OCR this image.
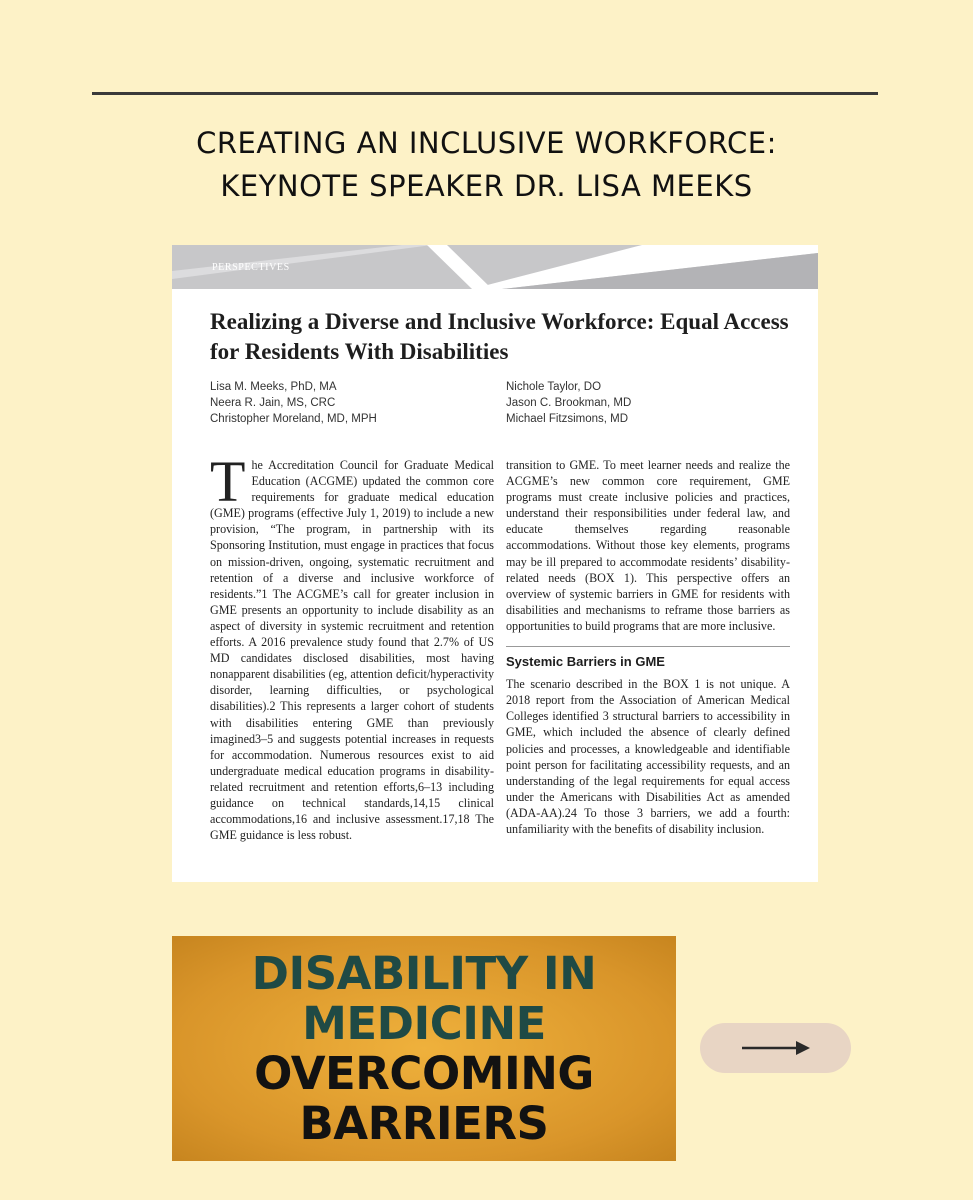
CREATING AN INCLUSIVE WORKFORCE:
KEYNOTE SPEAKER DR. LISA MEEKS
PERSPECTIVES
Realizing a Diverse and Inclusive Workforce: Equal Access for Residents With Disabilities
Lisa M. Meeks, PhD, MA
Neera R. Jain, MS, CRC
Christopher Moreland, MD, MPH
Nichole Taylor, DO
Jason C. Brookman, MD
Michael Fitzsimons, MD
T he Accreditation Council for Graduate Medical Education (ACGME) updated the common core requirements for graduate medical education (GME) programs (effective July 1, 2019) to include a new provision, “The program, in partnership with its Sponsoring Institution, must engage in practices that focus on mission-driven, ongoing, systematic recruitment and retention of a diverse and inclusive workforce of residents.”1 The ACGME’s call for greater inclusion in GME presents an opportunity to include disability as an aspect of diversity in systemic recruitment and retention efforts. A 2016 prevalence study found that 2.7% of US MD candidates disclosed disabilities, most having nonapparent disabilities (eg, attention deficit/hyperactivity disorder, learning difficulties, or psychological disabilities).2 This represents a larger cohort of students with disabilities entering GME than previously imagined3–5 and suggests potential increases in requests for accommodation. Numerous resources exist to aid undergraduate medical education programs in disability-related recruitment and retention efforts,6–13 including guidance on technical standards,14,15 clinical accommodations,16 and inclusive assessment.17,18 The GME guidance is less robust.

transition to GME. To meet learner needs and realize the ACGME’s new common core requirement, GME programs must create inclusive policies and practices, understand their responsibilities under federal law, and educate themselves regarding reasonable accommodations. Without those key elements, programs may be ill prepared to accommodate residents’ disability-related needs (BOX 1). This perspective offers an overview of systemic barriers in GME for residents with disabilities and mechanisms to reframe those barriers as opportunities to build programs that are more inclusive.

Systemic Barriers in GME

The scenario described in the BOX 1 is not unique. A 2018 report from the Association of American Medical Colleges identified 3 structural barriers to accessibility in GME, which included the absence of clearly defined policies and processes, a knowledgeable and identifiable point person for facilitating accessibility requests, and an understanding of the legal requirements for equal access under the Americans with Disabilities Act as amended (ADA-AA).24 To those 3 barriers, we add a fourth: unfamiliarity with the benefits of disability inclusion.

DISABILITY IN
MEDICINE
OVERCOMING
BARRIERS
